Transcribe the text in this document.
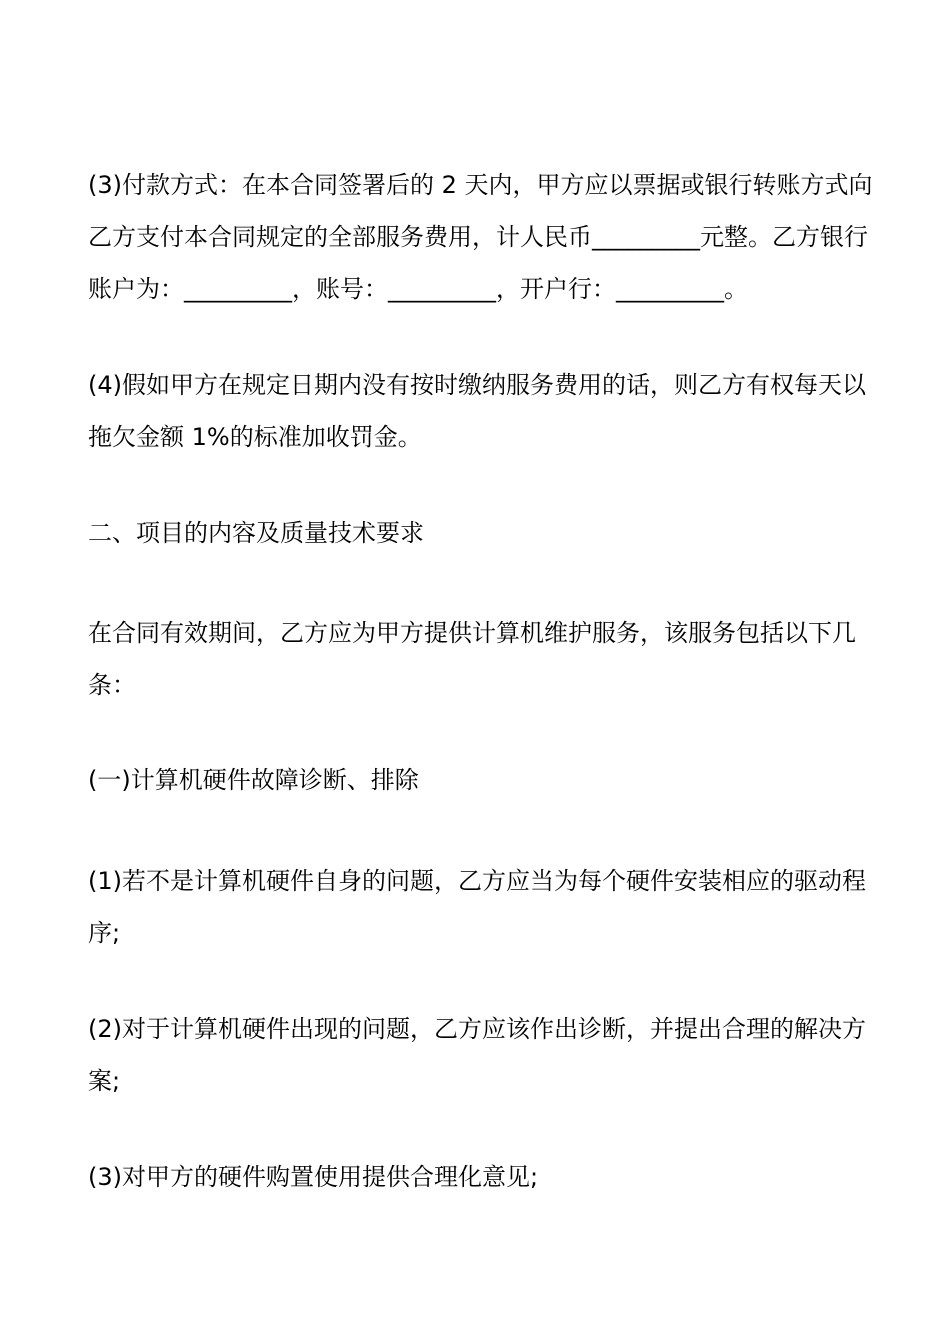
(3)付款方式：在本合同签署后的 2 天内，甲方应以票据或银行转账方式向
乙方支付本合同规定的全部服务费用，计人民币_________元整。乙方银行
账户为：_________，账号：_________，开户行：_________。

(4)假如甲方在规定日期内没有按时缴纳服务费用的话，则乙方有权每天以
拖欠金额 1%的标准加收罚金。

二、项目的内容及质量技术要求

在合同有效期间，乙方应为甲方提供计算机维护服务，该服务包括以下几
条：

(一)计算机硬件故障诊断、排除

(1)若不是计算机硬件自身的问题，乙方应当为每个硬件安装相应的驱动程
序;

(2)对于计算机硬件出现的问题，乙方应该作出诊断，并提出合理的解决方
案;

(3)对甲方的硬件购置使用提供合理化意见;
